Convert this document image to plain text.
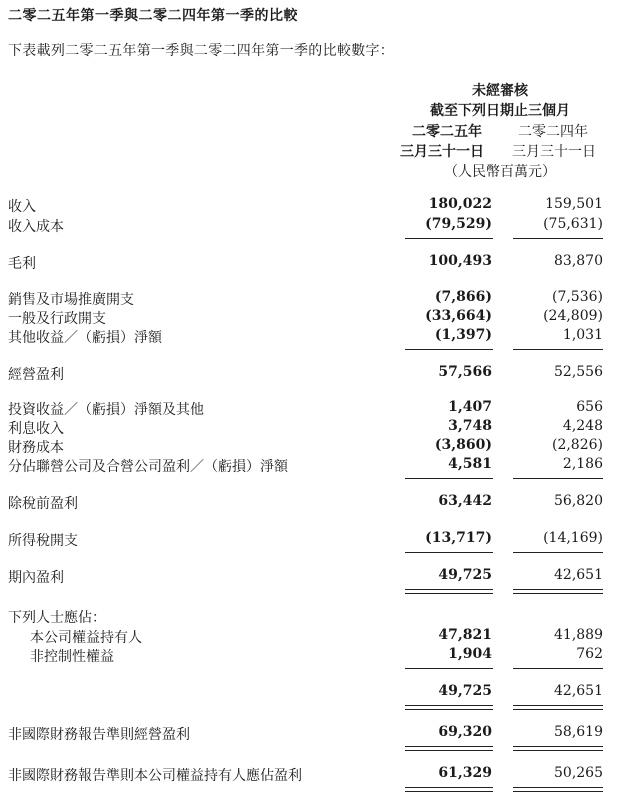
二零二五年第一季與二零二四年第一季的比較
下表載列二零二五年第一季與二零二四年第一季的比較數字：
未經審核
截至下列日期止三個月
二零二五年	二零二四年
三月三十一日	三月三十一日
（人民幣百萬元）
收入	180,022	159,501
收入成本	(79,529)	(75,631)
毛利	100,493	83,870
銷售及市場推廣開支	(7,866)	(7,536)
一般及行政開支	(33,664)	(24,809)
其他收益／（虧損）淨額	(1,397)	1,031
經營盈利	57,566	52,556
投資收益／（虧損）淨額及其他	1,407	656
利息收入	3,748	4,248
財務成本	(3,860)	(2,826)
分佔聯營公司及合營公司盈利／（虧損）淨額	4,581	2,186
除稅前盈利	63,442	56,820
所得稅開支	(13,717)	(14,169)
期內盈利	49,725	42,651
下列人士應佔：
本公司權益持有人	47,821	41,889
非控制性權益	1,904	762
49,725	42,651
非國際財務報告準則經營盈利	69,320	58,619
非國際財務報告準則本公司權益持有人應佔盈利	61,329	50,265
